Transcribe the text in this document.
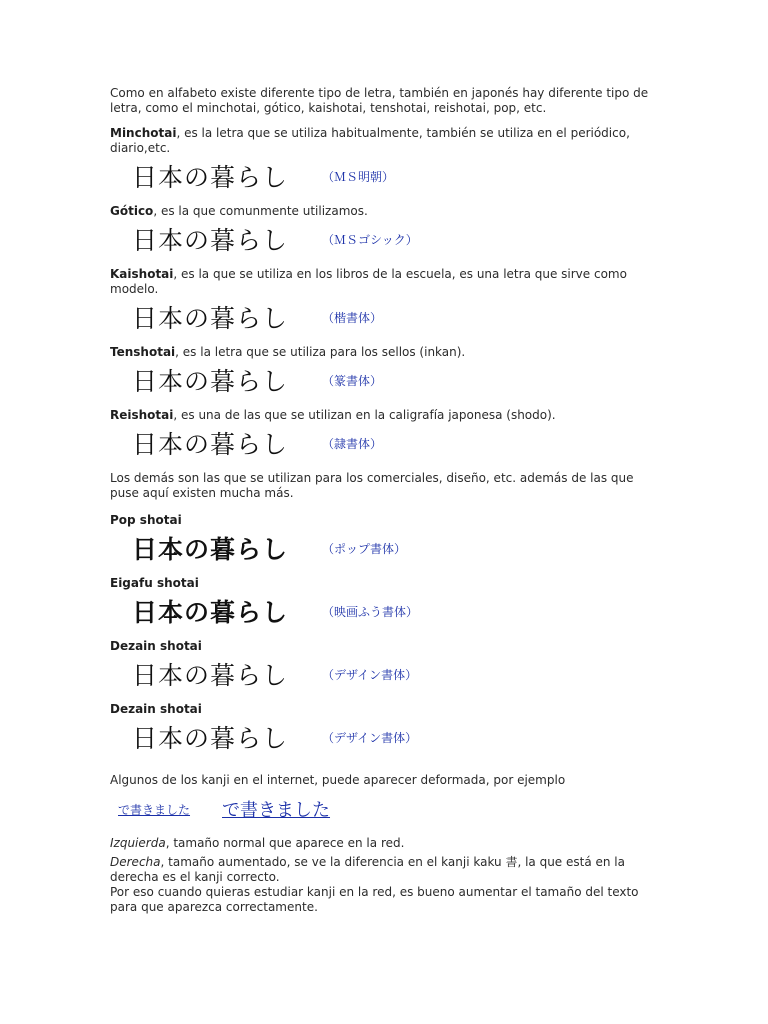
Como en alfabeto existe diferente tipo de letra, también en japonés hay diferente tipo de letra, como el minchotai, gótico, kaishotai, tenshotai, reishotai, pop, etc.

Minchotai, es la letra que se utiliza habitualmente, también se utiliza en el periódico, diario,etc.

日本の暮らし	（ＭＳ明朝）

Gótico, es la que comunmente utilizamos.

日本の暮らし	（ＭＳゴシック）

Kaishotai, es la que se utiliza en los libros de la escuela, es una letra que sirve como modelo.

日本の暮らし	（楷書体）

Tenshotai, es la letra que se utiliza para los sellos (inkan).

日本の暮らし	（篆書体）

Reishotai, es una de las que se utilizan en la caligrafía japonesa (shodo).

日本の暮らし	（隷書体）

Los demás son las que se utilizan para los comerciales, diseño, etc. además de las que puse aquí existen mucha más.

Pop shotai

日本の暮らし	（ポップ書体）

Eigafu shotai

日本の暮らし	（映画ふう書体）

Dezain shotai

日本の暮らし	（デザイン書体）

Dezain shotai

日本の暮らし	（デザイン書体）

Algunos de los kanji en el internet, puede aparecer deformada, por ejemplo

で書きました で書きました

Izquierda, tamaño normal que aparece en la red.

Derecha, tamaño aumentado, se ve la diferencia en el kanji kaku 書, la que está en la derecha es el kanji correcto.

Por eso cuando quieras estudiar kanji en la red, es bueno aumentar el tamaño del texto para que aparezca correctamente.
